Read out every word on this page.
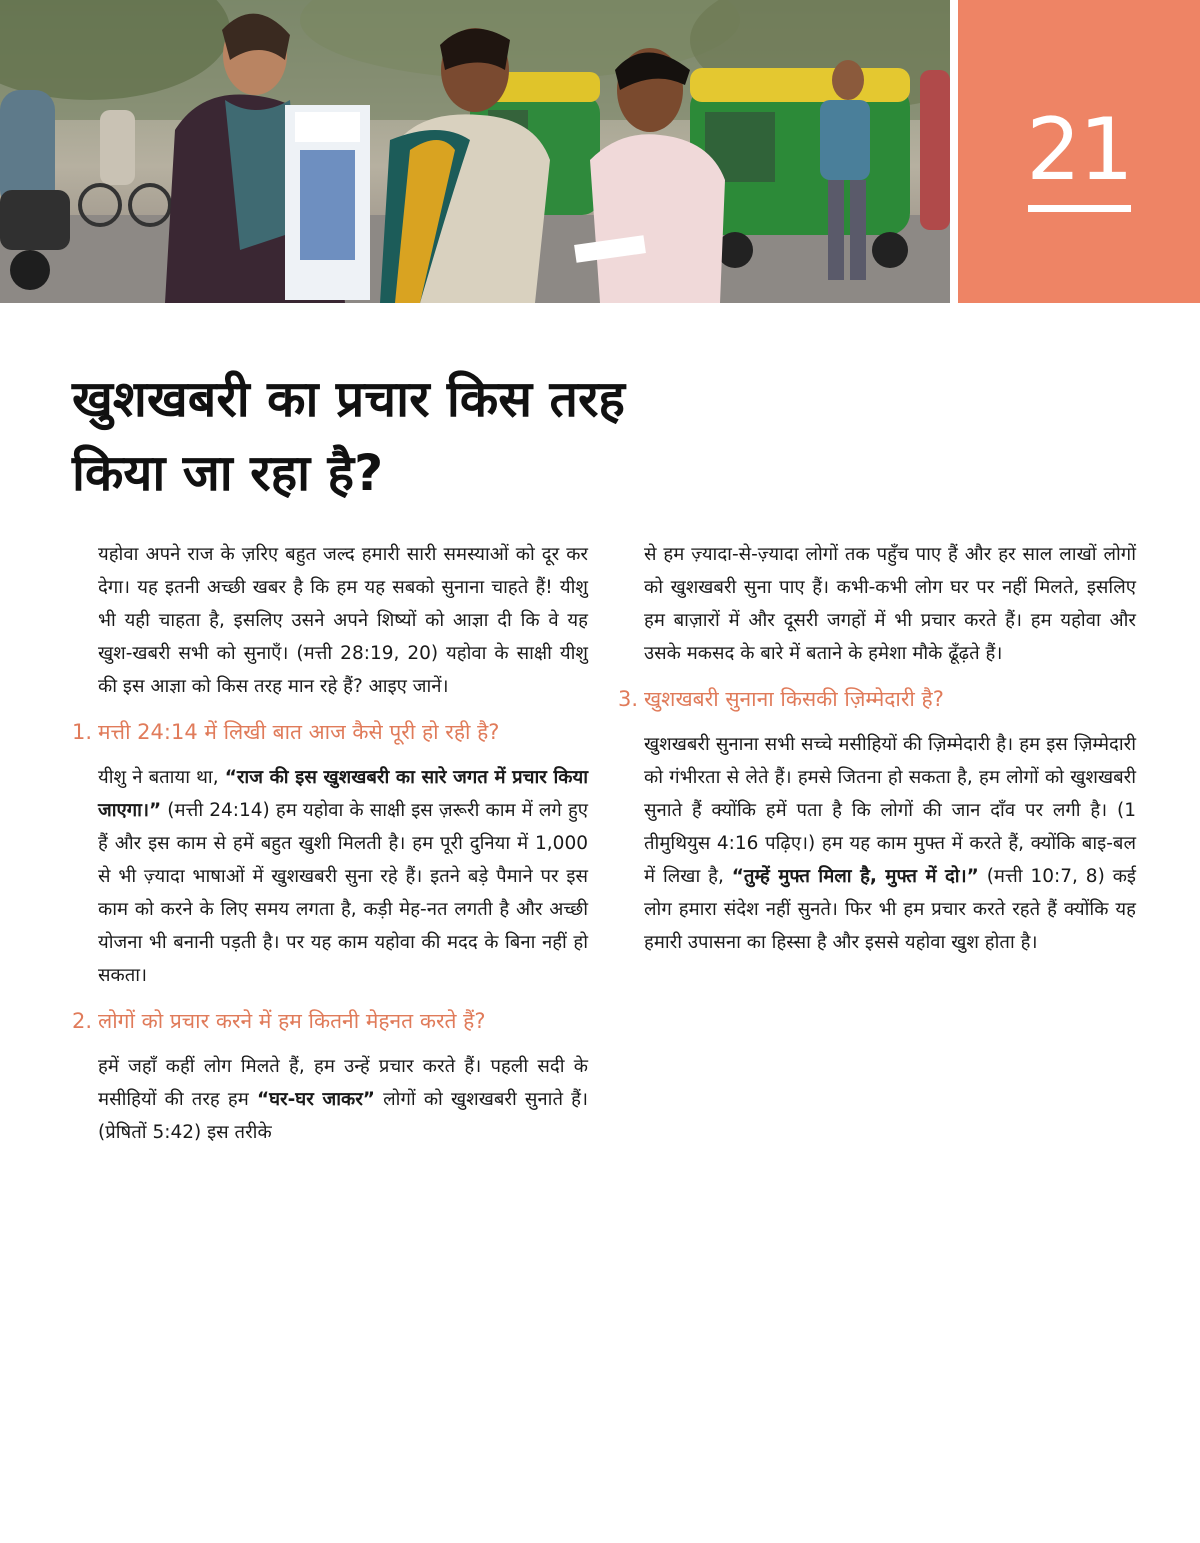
21
खुशखबरी का प्रचार किस तरह
किया जा रहा है?

यहोवा अपने राज के ज़रिए बहुत जल्द हमारी सारी समस्याओं को दूर कर देगा। यह इतनी अच्छी खबर है कि हम यह सबको सुनाना चाहते हैं! यीशु भी यही चाहता है, इसलिए उसने अपने शिष्यों को आज्ञा दी कि वे यह खुश-खबरी सभी को सुनाएँ। (मत्ती 28:19, 20) यहोवा के साक्षी यीशु की इस आज्ञा को किस तरह मान रहे हैं? आइए जानें।

1. मत्ती 24:14 में लिखी बात आज कैसे पूरी हो रही है?

यीशु ने बताया था, “राज की इस खुशखबरी का सारे जगत में प्रचार किया जाएगा।” (मत्ती 24:14) हम यहोवा के साक्षी इस ज़रूरी काम में लगे हुए हैं और इस काम से हमें बहुत खुशी मिलती है। हम पूरी दुनिया में 1,000 से भी ज़्यादा भाषाओं में खुशखबरी सुना रहे हैं। इतने बड़े पैमाने पर इस काम को करने के लिए समय लगता है, कड़ी मेह-नत लगती है और अच्छी योजना भी बनानी पड़ती है। पर यह काम यहोवा की मदद के बिना नहीं हो सकता।

2. लोगों को प्रचार करने में हम कितनी मेहनत करते हैं?

हमें जहाँ कहीं लोग मिलते हैं, हम उन्हें प्रचार करते हैं। पहली सदी के मसीहियों की तरह हम “घर-घर जाकर” लोगों को खुशखबरी सुनाते हैं। (प्रेषितों 5:42) इस तरीके

से हम ज़्यादा-से-ज़्यादा लोगों तक पहुँच पाए हैं और हर साल लाखों लोगों को खुशखबरी सुना पाए हैं। कभी-कभी लोग घर पर नहीं मिलते, इसलिए हम बाज़ारों में और दूसरी जगहों में भी प्रचार करते हैं। हम यहोवा और उसके मकसद के बारे में बताने के हमेशा मौके ढूँढ़ते हैं।

3. खुशखबरी सुनाना किसकी ज़िम्मेदारी है?

खुशखबरी सुनाना सभी सच्चे मसीहियों की ज़िम्मेदारी है। हम इस ज़िम्मेदारी को गंभीरता से लेते हैं। हमसे जितना हो सकता है, हम लोगों को खुशखबरी सुनाते हैं क्योंकि हमें पता है कि लोगों की जान दाँव पर लगी है। (1 तीमुथियुस 4:16 पढ़िए।) हम यह काम मुफ्त में करते हैं, क्योंकि बाइ-बल में लिखा है, “तुम्हें मुफ्त मिला है, मुफ्त में दो।” (मत्ती 10:7, 8) कई लोग हमारा संदेश नहीं सुनते। फिर भी हम प्रचार करते रहते हैं क्योंकि यह हमारी उपासना का हिस्सा है और इससे यहोवा खुश होता है।
